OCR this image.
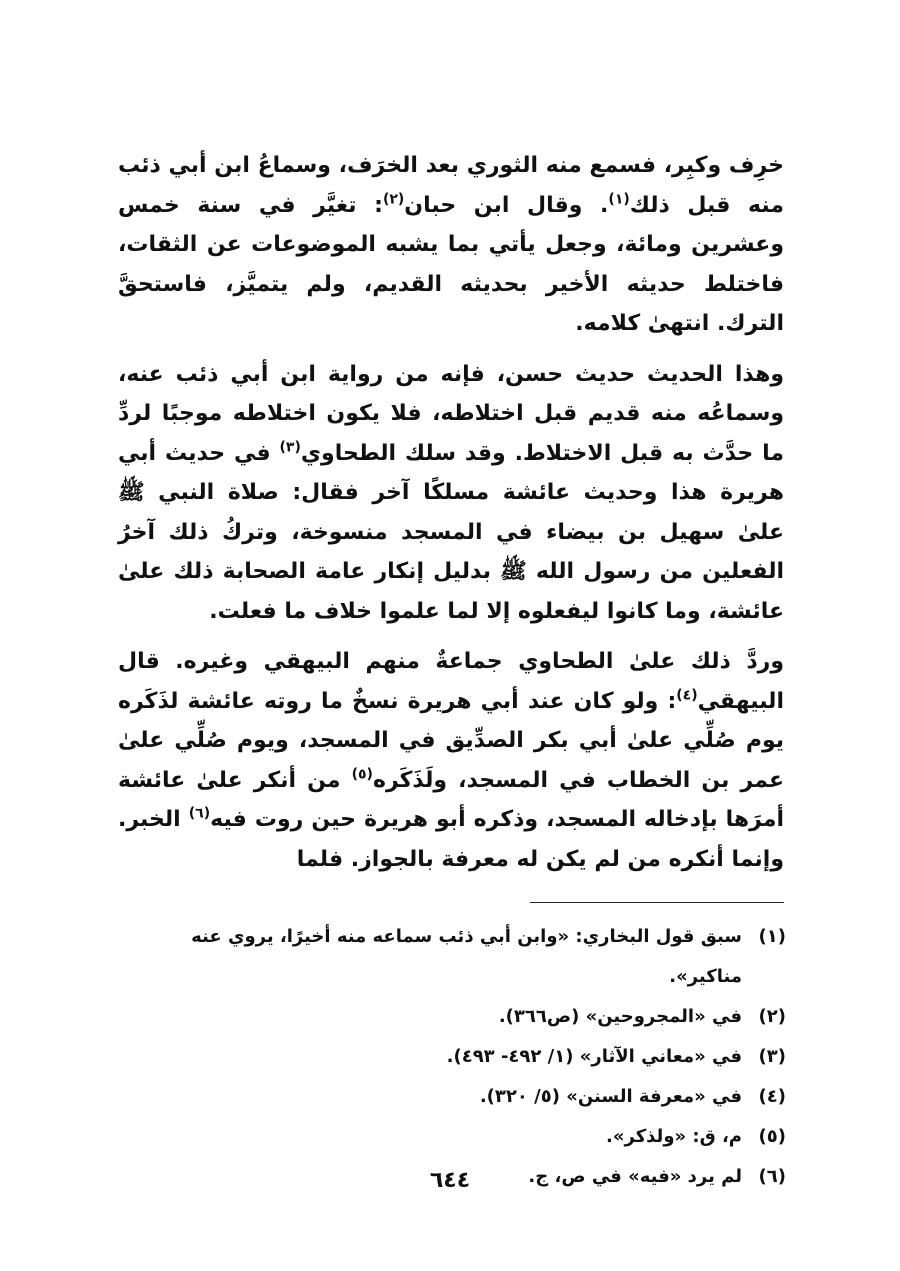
خرِف وكبِر، فسمع منه الثوري بعد الخرَف، وسماعُ ابن أبي ذئب منه قبل ذلك$^{(١)}$. وقال ابن حبان$^{(٢)}$: تغيَّر في سنة خمس وعشرين ومائة، وجعل يأتي بما يشبه الموضوعات عن الثقات، فاختلط حديثه الأخير بحديثه القديم، ولم يتميَّز، فاستحقَّ الترك. انتهىٰ كلامه.

وهذا الحديث حديث حسن، فإنه من رواية ابن أبي ذئب عنه، وسماعُه منه قديم قبل اختلاطه، فلا يكون اختلاطه موجبًا لردِّ ما حدَّث به قبل الاختلاط. وقد سلك الطحاوي$^{(٣)}$ في حديث أبي هريرة هذا وحديث عائشة مسلكًا آخر فقال: صلاة النبي ﷺ علىٰ سهيل بن بيضاء في المسجد منسوخة، وتركُ ذلك آخرُ الفعلين من رسول الله ﷺ بدليل إنكار عامة الصحابة ذلك علىٰ عائشة، وما كانوا ليفعلوه إلا لما علموا خلاف ما فعلت.

وردَّ ذلك علىٰ الطحاوي جماعةٌ منهم البيهقي وغيره. قال البيهقي$^{(٤)}$: ولو كان عند أبي هريرة نسخٌ ما روته عائشة لذَكَره يوم صُلِّي علىٰ أبي بكر الصدِّيق في المسجد، ويوم صُلِّي علىٰ عمر بن الخطاب في المسجد، ولَذَكَره$^{(٥)}$ من أنكر علىٰ عائشة أمرَها بإدخاله المسجد، وذكره أبو هريرة حين روت فيه$^{(٦)}$ الخبر. وإنما أنكره من لم يكن له معرفة بالجواز. فلما

(١)
سبق قول البخاري: «وابن أبي ذئب سماعه منه أخيرًا، يروي عنه مناكير».
(٢)
في «المجروحين» (ص٣٦٦).
(٣)
في «معاني الآثار» (١/ ٤٩٢- ٤٩٣).
(٤)
في «معرفة السنن» (٥/ ٣٢٠).
(٥)
م، ق: «ولذكر».
(٦)
لم يرد «فيه» في ص، ج.
٦٤٤
